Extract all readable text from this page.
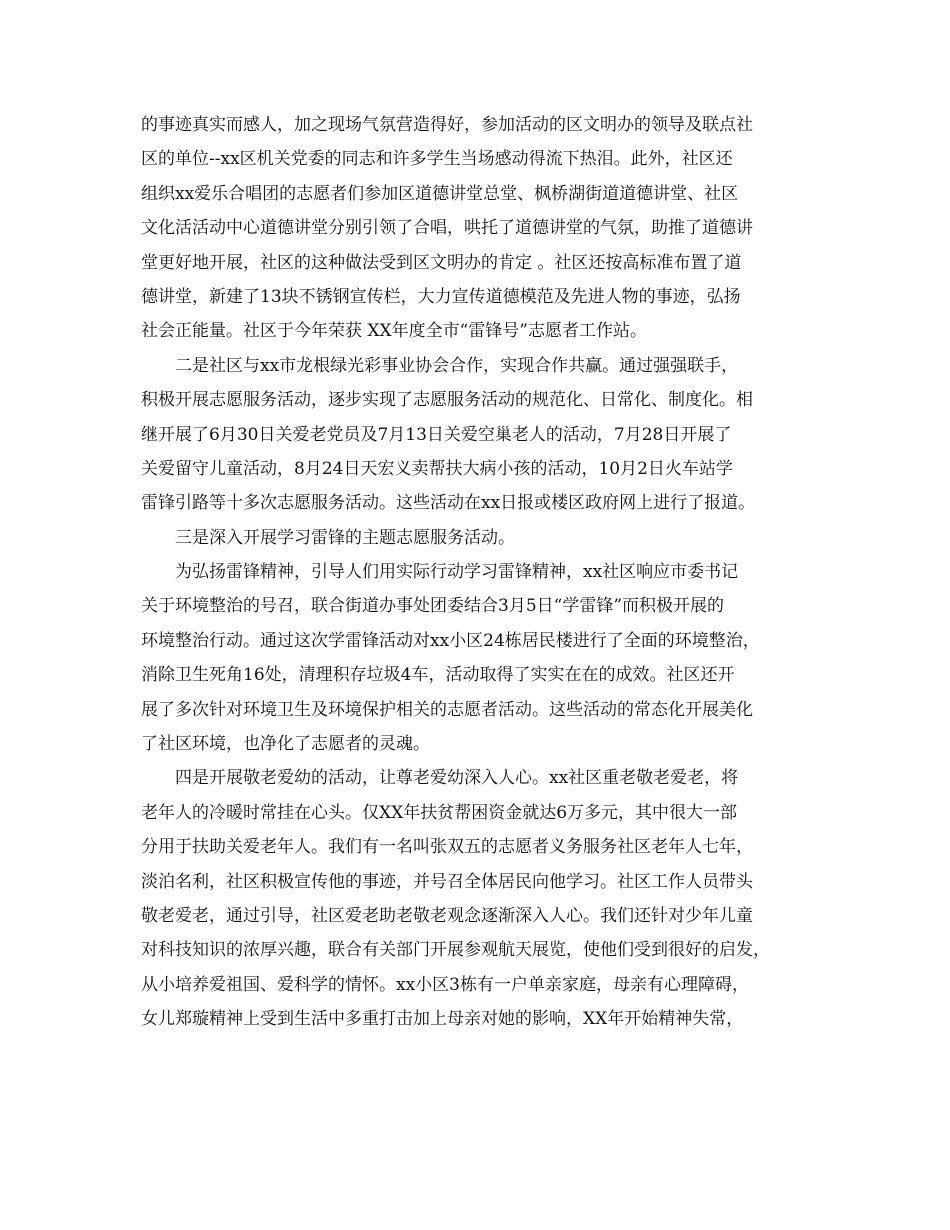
的事迹真实而感人，加之现场气氛营造得好，参加活动的区文明办的领导及联点社
区的单位--xx区机关党委的同志和许多学生当场感动得流下热泪。此外，社区还
组织xx爱乐合唱团的志愿者们参加区道德讲堂总堂、枫桥湖街道道德讲堂、社区
文化活活动中心道德讲堂分别引领了合唱，哄托了道德讲堂的气氛，助推了道德讲
堂更好地开展，社区的这种做法受到区文明办的肯定 。社区还按高标准布置了道
德讲堂，新建了13块不锈钢宣传栏，大力宣传道德模范及先进人物的事迹，弘扬
社会正能量。社区于今年荣获 XX年度全市“雷锋号”志愿者工作站。
二是社区与xx市龙根绿光彩事业协会合作，实现合作共赢。通过强强联手，
积极开展志愿服务活动，逐步实现了志愿服务活动的规范化、日常化、制度化。相
继开展了6月30日关爱老党员及7月13日关爱空巢老人的活动，7月28日开展了
关爱留守儿童活动，8月24日天宏义卖帮扶大病小孩的活动，10月2日火车站学
雷锋引路等十多次志愿服务活动。这些活动在xx日报或楼区政府网上进行了报道。
三是深入开展学习雷锋的主题志愿服务活动。
为弘扬雷锋精神，引导人们用实际行动学习雷锋精神，xx社区响应市委书记
关于环境整治的号召，联合街道办事处团委结合3月5日“学雷锋”而积极开展的
环境整治行动。通过这次学雷锋活动对xx小区24栋居民楼进行了全面的环境整治，
消除卫生死角16处，清理积存垃圾4车，活动取得了实实在在的成效。社区还开
展了多次针对环境卫生及环境保护相关的志愿者活动。这些活动的常态化开展美化
了社区环境，也净化了志愿者的灵魂。
四是开展敬老爱幼的活动，让尊老爱幼深入人心。xx社区重老敬老爱老，将
老年人的冷暖时常挂在心头。仅XX年扶贫帮困资金就达6万多元，其中很大一部
分用于扶助关爱老年人。我们有一名叫张双五的志愿者义务服务社区老年人七年，
淡泊名利，社区积极宣传他的事迹，并号召全体居民向他学习。社区工作人员带头
敬老爱老，通过引导，社区爱老助老敬老观念逐渐深入人心。我们还针对少年儿童
对科技知识的浓厚兴趣，联合有关部门开展参观航天展览，使他们受到很好的启发，
从小培养爱祖国、爱科学的情怀。xx小区3栋有一户单亲家庭，母亲有心理障碍，
女儿郑璇精神上受到生活中多重打击加上母亲对她的影响，XX年开始精神失常，
